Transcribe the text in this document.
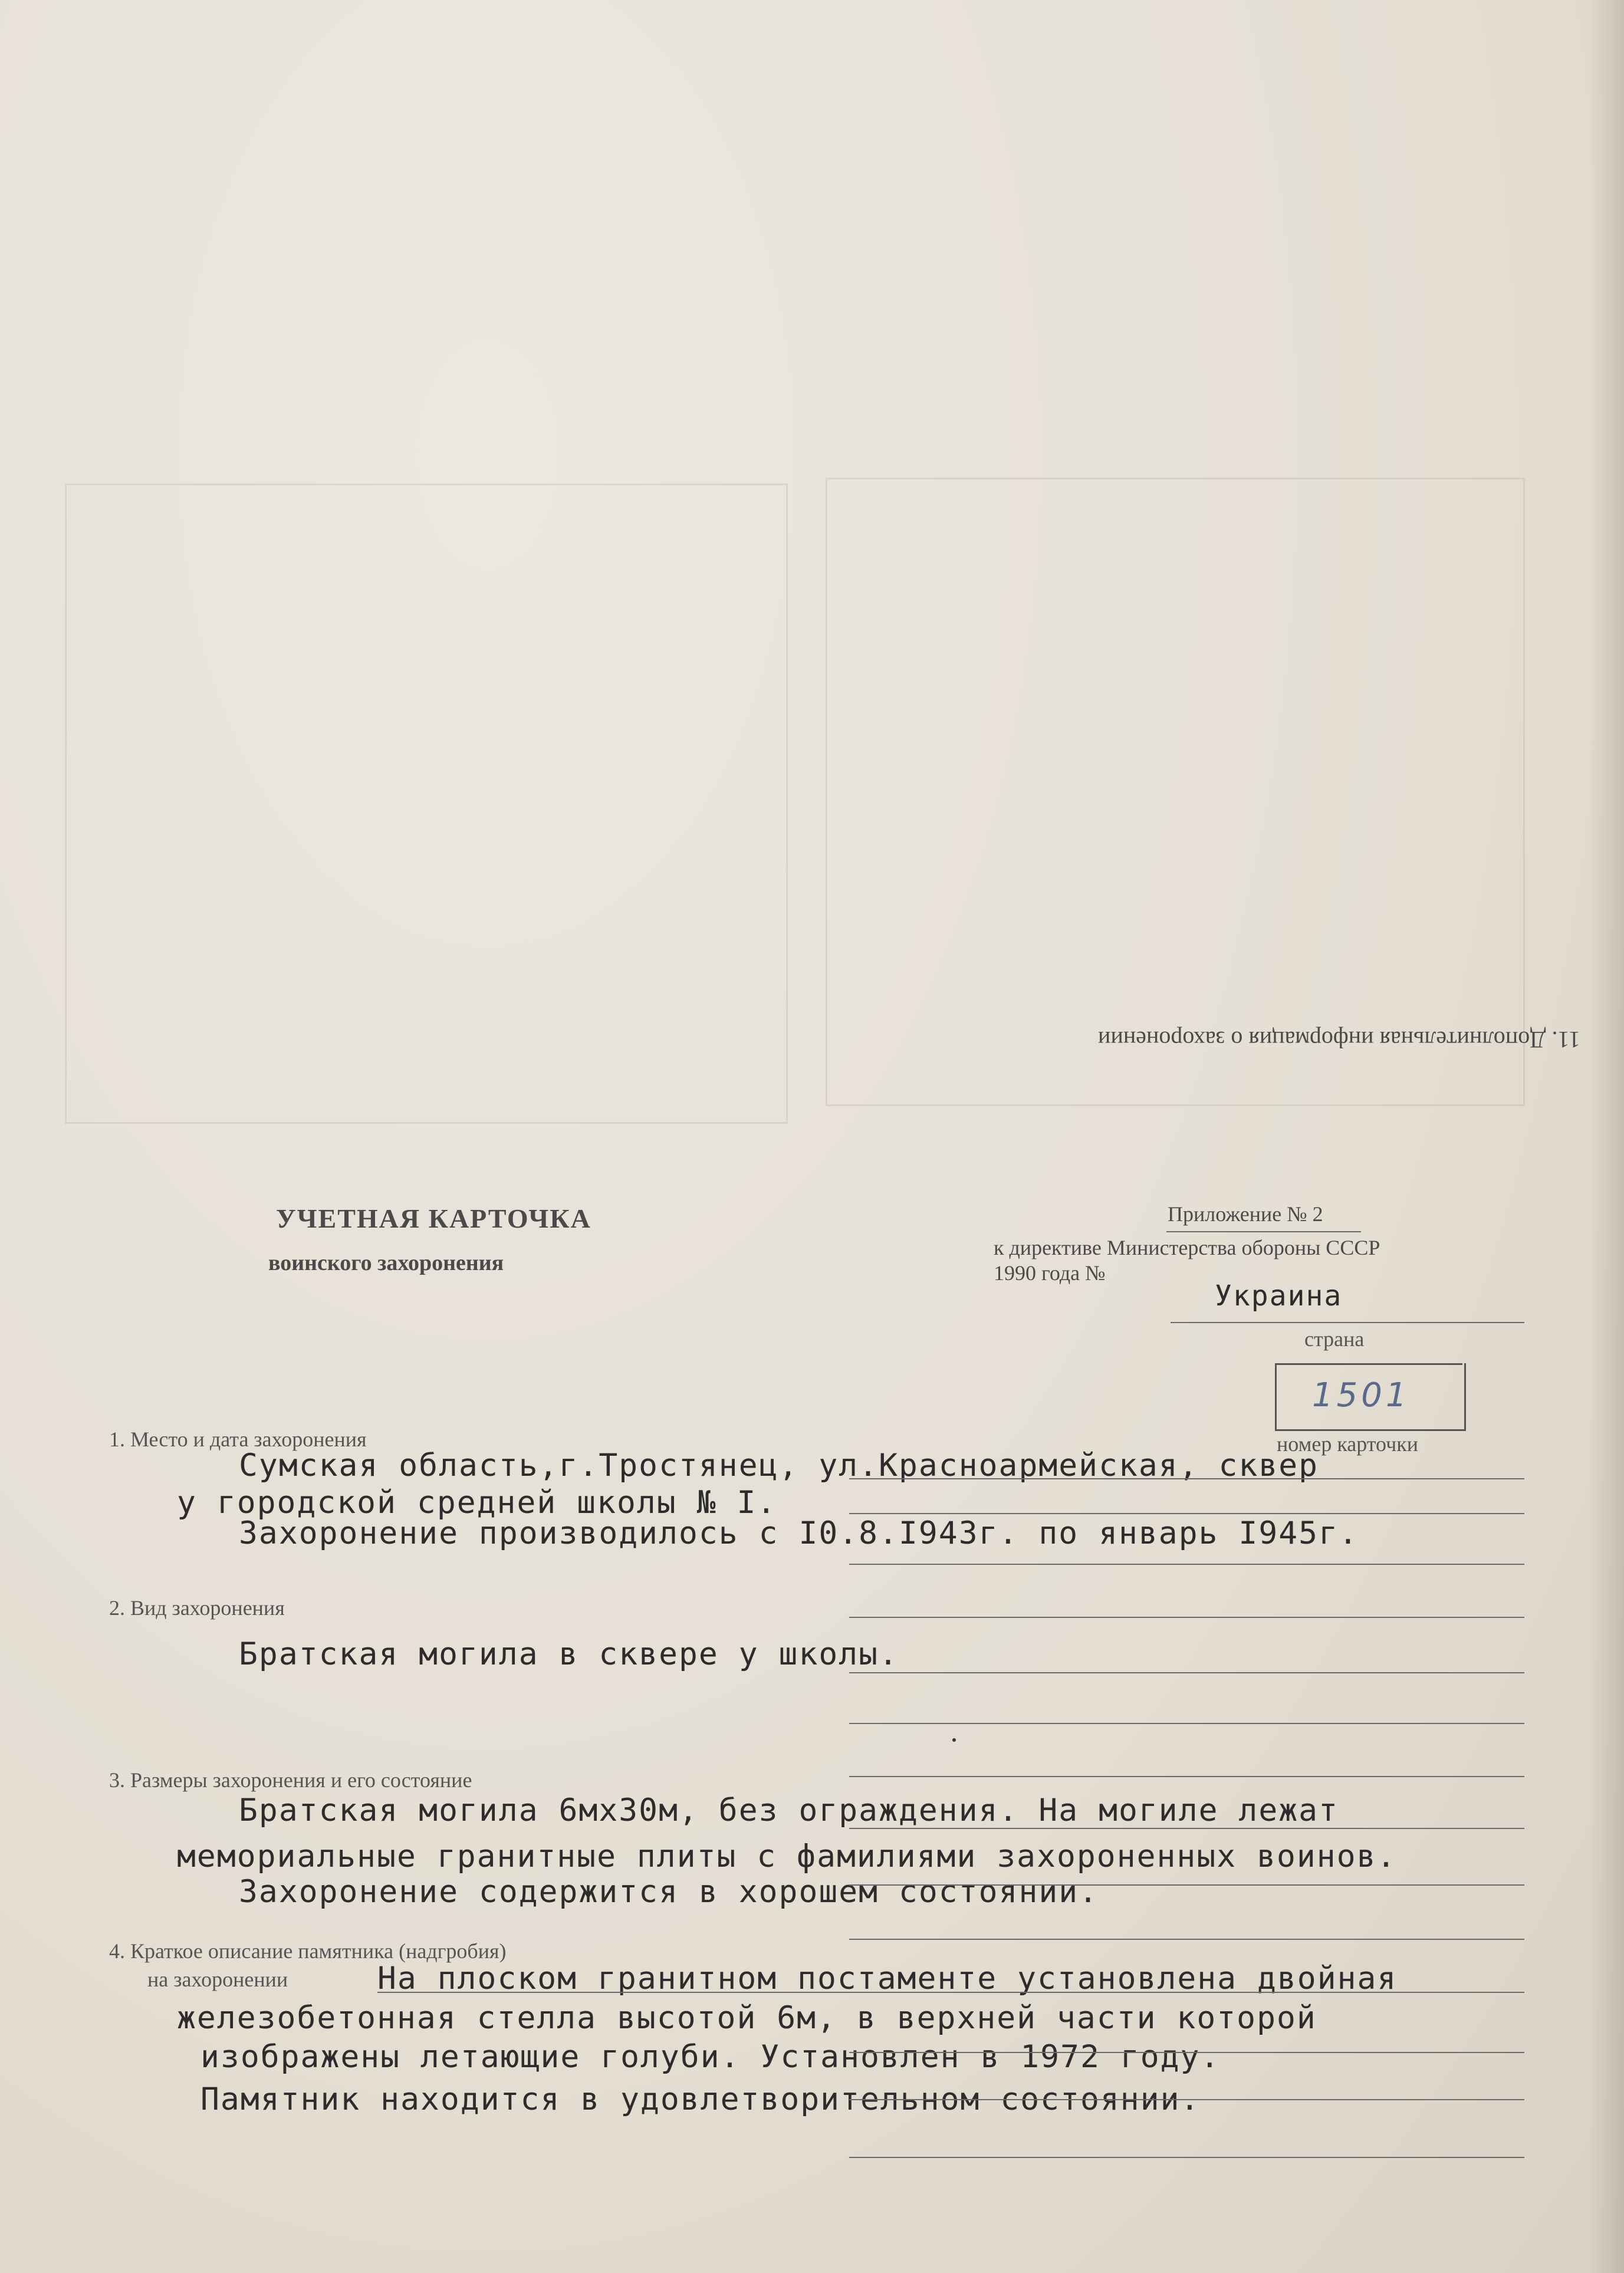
11. Дополнительная информация о захоронении
УЧЕТНАЯ КАРТОЧКА
воинского захоронения
Приложение № 2
к директиве Министерства обороны СССР
1990 года №
Украина
страна
1501
номер карточки
1. Место и дата захоронения
Сумская область,г.Тростянец, ул.Красноармейская, сквер
у городской средней школы № I.
Захоронение производилось с I0.8.I943г. по январь I945г.
2. Вид захоронения
Братская могила в сквере у школы.
3. Размеры захоронения и его состояние
Братская могила 6мх30м, без ограждения. На могиле лежат
мемориальные гранитные плиты с фамилиями захороненных воинов.
Захоронение содержится в хорошем состоянии.
4. Краткое описание памятника (надгробия)
на захоронении	На плоском гранитном постаменте установлена двойная
железобетонная стелла высотой 6м, в верхней части которой
изображены летающие голуби. Установлен в 1972 году.
Памятник находится в удовлетворительном состоянии.
